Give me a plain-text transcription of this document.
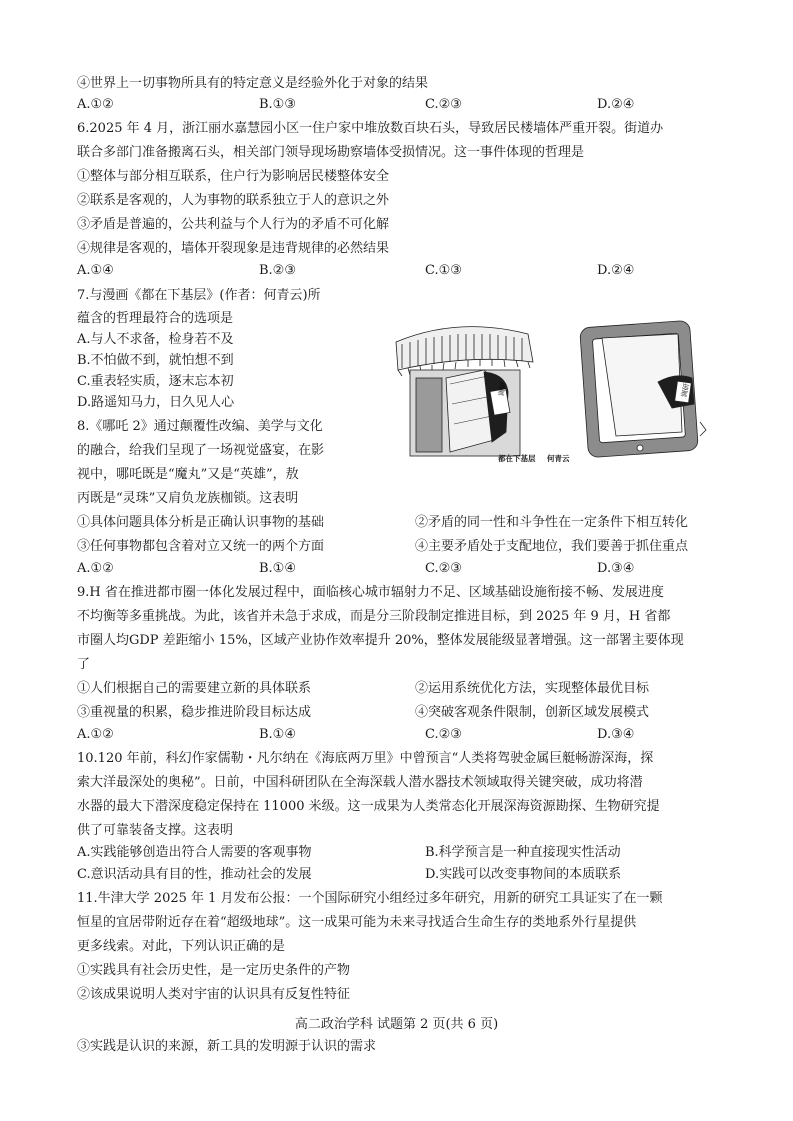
④世界上一切事物所具有的特定意义是经验外化于对象的结果
A.①②	B.①③	C.②③	D.②④
6.2025 年 4 月，浙江丽水嘉慧园小区一住户家中堆放数百块石头，导致居民楼墙体严重开裂。街道办
联合多部门准备搬离石头，相关部门领导现场勘察墙体受损情况。这一事件体现的哲理是
①整体与部分相互联系，住户行为影响居民楼整体安全
②联系是客观的，人为事物的联系独立于人的意识之外
③矛盾是普遍的，公共利益与个人行为的矛盾不可化解
④规律是客观的，墙体开裂现象是违背规律的必然结果
A.①④	B.②③	C.①③	D.②④
7.与漫画《都在下基层》(作者：何青云)所
蕴含的哲理最符合的选项是
A.与人不求备，检身若不及
B.不怕做不到，就怕想不到
C.重表轻实质，逐末忘本初
D.路遥知马力，日久见人心
8.《哪吒 2》通过颠覆性改编、美学与文化
的融合，给我们呈现了一场视觉盛宴，在影
视中，哪吒既是“魔丸”又是“英雄”，敖
丙既是“灵珠”又肩负龙族枷锁。这表明
调研	调研
都在下基层 何青云
①具体问题具体分析是正确认识事物的基础	②矛盾的同一性和斗争性在一定条件下相互转化
③任何事物都包含着对立又统一的两个方面	④主要矛盾处于支配地位，我们要善于抓住重点
A.①②	B.①④	C.②③	D.③④
9.H 省在推进都市圈一体化发展过程中，面临核心城市辐射力不足、区域基础设施衔接不畅、发展进度
不均衡等多重挑战。为此，该省并未急于求成，而是分三阶段制定推进目标，到 2025 年 9 月，H 省都
市圈人均GDP 差距缩小 15%，区域产业协作效率提升 20%，整体发展能级显著增强。这一部署主要体现
了
①人们根据自己的需要建立新的具体联系	②运用系统优化方法，实现整体最优目标
③重视量的积累，稳步推进阶段目标达成	④突破客观条件限制，创新区域发展模式
A.①②	B.①④	C.②③	D.③④
10.120 年前，科幻作家儒勒・凡尔纳在《海底两万里》中曾预言“人类将驾驶金属巨艇畅游深海，探
索大洋最深处的奥秘”。日前，中国科研团队在全海深载人潜水器技术领域取得关键突破，成功将潜
水器的最大下潜深度稳定保持在 11000 米级。这一成果为人类常态化开展深海资源勘探、生物研究提
供了可靠装备支撑。这表明
A.实践能够创造出符合人需要的客观事物	B.科学预言是一种直接现实性活动
C.意识活动具有目的性，推动社会的发展	D.实践可以改变事物间的本质联系
11.牛津大学 2025 年 1 月发布公报：一个国际研究小组经过多年研究，用新的研究工具证实了在一颗
恒星的宜居带附近存在着“超级地球”。这一成果可能为未来寻找适合生命生存的类地系外行星提供
更多线索。对此，下列认识正确的是
①实践具有社会历史性，是一定历史条件的产物
②该成果说明人类对宇宙的认识具有反复性特征
高二政治学科 试题第 2 页(共 6 页)
③实践是认识的来源，新工具的发明源于认识的需求
